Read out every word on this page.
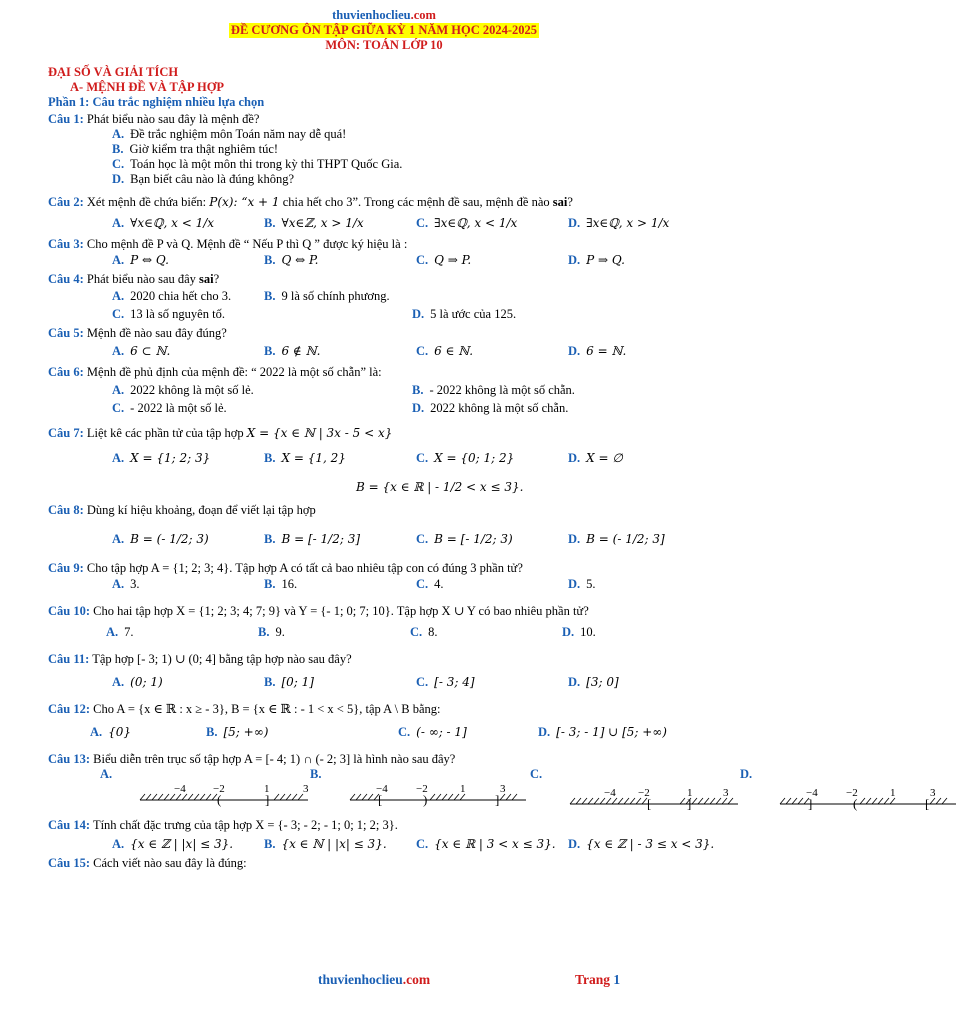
thuvienhoclieu.com
ĐỀ CƯƠNG ÔN TẬP GIỮA KỲ 1 NĂM HỌC 2024-2025
MÔN: TOÁN LỚP 10
ĐẠI SỐ VÀ GIẢI TÍCH
A- MỆNH ĐỀ VÀ TẬP HỢP
Phần 1: Câu trắc nghiệm nhiều lựa chọn
Câu 1: Phát biểu nào sau đây là mệnh đề?
A. Đề trắc nghiệm môn Toán năm nay dễ quá!
B. Giờ kiểm tra thật nghiêm túc!
C. Toán học là một môn thi trong kỳ thi THPT Quốc Gia.
D. Bạn biết câu nào là đúng không?
Câu 2: Xét mệnh đề chứa biến: P(x): “x + 1 chia hết cho 3”. Trong các mệnh đề sau, mệnh đề nào sai?
A. ∀x∈ℚ, x < 1/x	B. ∀x∈ℤ, x > 1/x	C. ∃x∈ℚ, x < 1/x	D. ∃x∈ℚ, x > 1/x
Câu 3: Cho mệnh đề P và Q. Mệnh đề “ Nếu P thì Q ” được ký hiệu là :
A. P ⇔ Q.	B. Q ⇔ P.	C. Q ⇒ P.	D. P ⇒ Q.
Câu 4: Phát biểu nào sau đây sai?
A. 2020 chia hết cho 3.	B. 9 là số chính phương.
C. 13 là số nguyên tố.	D. 5 là ước của 125.
Câu 5: Mệnh đề nào sau đây đúng?
A. 6 ⊂ ℕ.	B. 6 ∉ ℕ.	C. 6 ∈ ℕ.	D. 6 = ℕ.
Câu 6: Mệnh đề phủ định của mệnh đề: “ 2022 là một số chẵn” là:
A. 2022 không là một số lẻ.	B. - 2022 không là một số chẵn.
C. - 2022 là một số lẻ.	D. 2022 không là một số chẵn.
Câu 7: Liệt kê các phần tử của tập hợp X = {x ∈ ℕ | 3x - 5 < x}
A. X = {1; 2; 3}	B. X = {1, 2}	C. X = {0; 1; 2}	D. X = ∅
B = {x ∈ ℝ | - 1/2 < x ≤ 3}.
Câu 8: Dùng kí hiệu khoảng, đoạn để viết lại tập hợp
A. B = (- 1/2; 3)	B. B = [- 1/2; 3]	C. B = [- 1/2; 3)	D. B = (- 1/2; 3]
Câu 9: Cho tập hợp A = {1; 2; 3; 4}. Tập hợp A có tất cả bao nhiêu tập con có đúng 3 phần tử?
A. 3.	B. 16.	C. 4.	D. 5.
Câu 10: Cho hai tập hợp X = {1; 2; 3; 4; 7; 9} và Y = {- 1; 0; 7; 10}. Tập hợp X ∪ Y có bao nhiêu phần tử?
A. 7.	B. 9.	C. 8.	D. 10.
Câu 11: Tập hợp [- 3; 1) ∪ (0; 4] bằng tập hợp nào sau đây?
A. (0; 1)	B. [0; 1]	C. [- 3; 4]	D. [3; 0]
Câu 12: Cho A = {x ∈ ℝ : x ≥ - 3}, B = {x ∈ ℝ : - 1 < x < 5}, tập A \ B bằng:
A. {0}	B. [5; +∞)	C. (- ∞; - 1]	D. [- 3; - 1] ∪ [5; +∞)
Câu 13: Biểu diễn trên trục số tập hợp A = [- 4; 1) ∩ (- 2; 3] là hình nào sau đây?
A.
−4 −2	1	3
(	]
B.
−4	−2	1	3
[	)	]
C.
−4 −2	1	3
[	]
D.
−4	−2	1	3
]	(	[
Câu 14: Tính chất đặc trưng của tập hợp X = {- 3; - 2; - 1; 0; 1; 2; 3}.
A. {x ∈ ℤ | |x| ≤ 3}.	B. {x ∈ ℕ | |x| ≤ 3}.	C. {x ∈ ℝ | 3 < x ≤ 3}. D. {x ∈ ℤ | - 3 ≤ x < 3}.
Câu 15: Cách viết nào sau đây là đúng:
thuvienhoclieu.com	Trang 1
